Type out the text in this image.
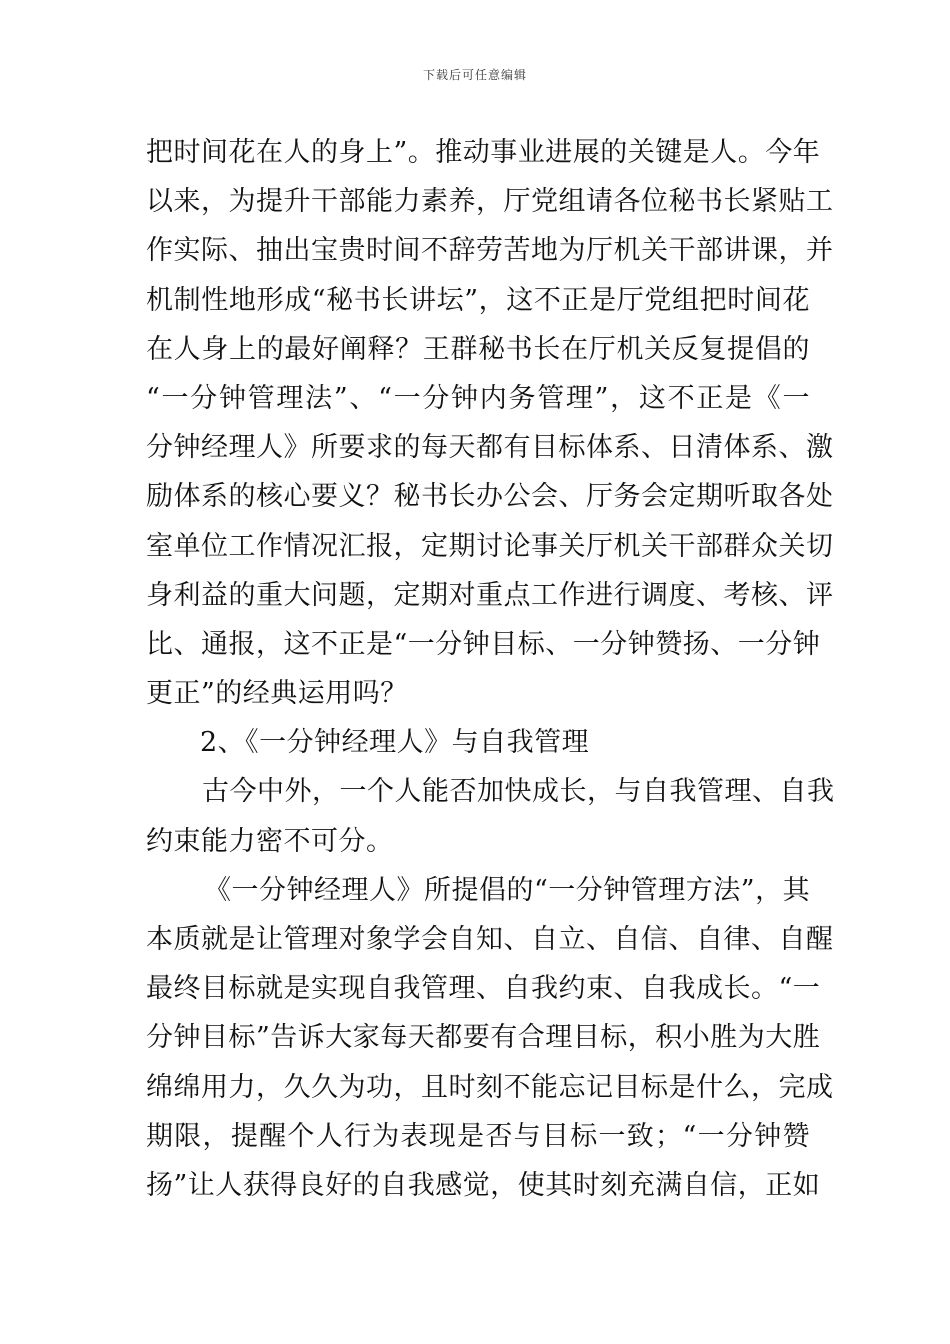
下载后可任意编辑
把时间花在人的身上”。推动事业进展的关键是人。今年
以来，为提升干部能力素养，厅党组请各位秘书长紧贴工
作实际、抽出宝贵时间不辞劳苦地为厅机关干部讲课，并
机制性地形成“秘书长讲坛”，这不正是厅党组把时间花
在人身上的最好阐释？王群秘书长在厅机关反复提倡的
“一分钟管理法”、“一分钟内务管理”，这不正是《一
分钟经理人》所要求的每天都有目标体系、日清体系、激
励体系的核心要义？秘书长办公会、厅务会定期听取各处
室单位工作情况汇报，定期讨论事关厅机关干部群众关切
身利益的重大问题，定期对重点工作进行调度、考核、评
比、通报，这不正是“一分钟目标、一分钟赞扬、一分钟
更正”的经典运用吗？
2、《一分钟经理人》与自我管理
古今中外，一个人能否加快成长，与自我管理、自我
约束能力密不可分。
《一分钟经理人》所提倡的“一分钟管理方法”，其
本质就是让管理对象学会自知、自立、自信、自律、自醒
最终目标就是实现自我管理、自我约束、自我成长。“一
分钟目标”告诉大家每天都要有合理目标，积小胜为大胜
绵绵用力，久久为功，且时刻不能忘记目标是什么，完成
期限，提醒个人行为表现是否与目标一致；“一分钟赞
扬”让人获得良好的自我感觉，使其时刻充满自信，正如
